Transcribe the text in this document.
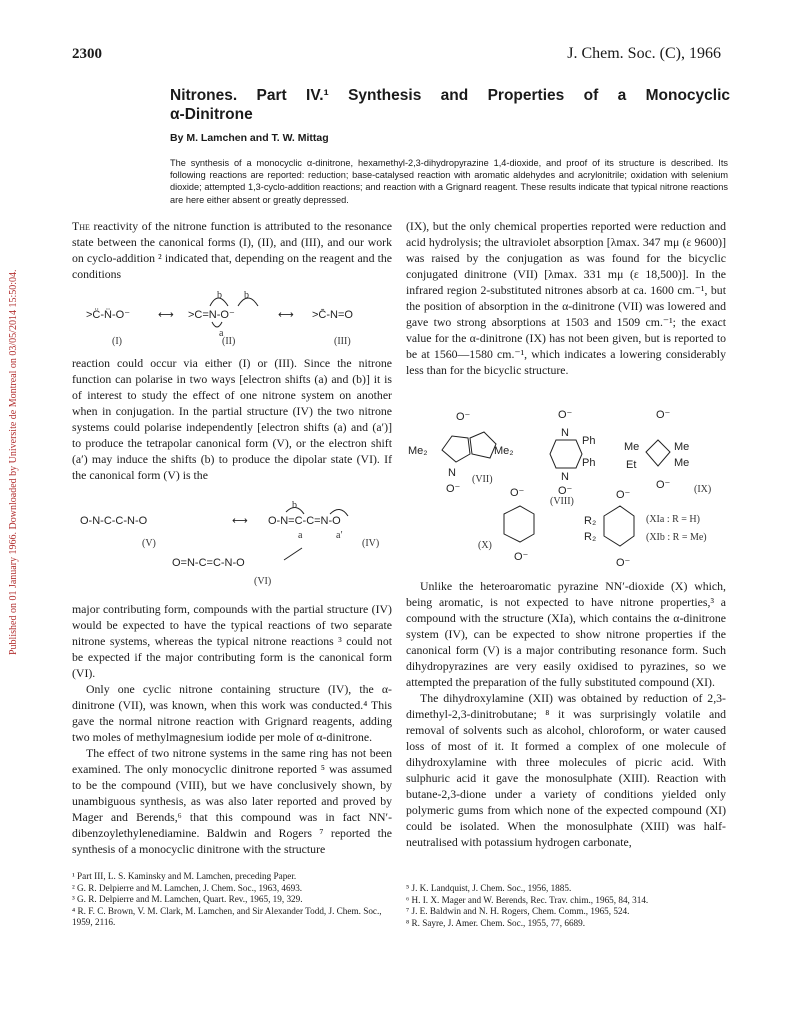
Published on 01 January 1966. Downloaded by Universite de Montreal on 03/05/2014 15:50:04.
2300	J. Chem. Soc. (C), 1966
Nitrones. Part IV.¹ Synthesis and Properties of a Monocyclic
α-Dinitrone
By M. Lamchen and T. W. Mittag
The synthesis of a monocyclic α-dinitrone, hexamethyl-2,3-dihydropyrazine 1,4-dioxide, and proof of its structure is described. Its following reactions are reported: reduction; base-catalysed reaction with aromatic aldehydes and acrylonitrile; oxidation with selenium dioxide; attempted 1,3-cyclo-addition reactions; and reaction with a Grignard reagent. These results indicate that typical nitrone reactions are here either absent or greatly depressed.

The reactivity of the nitrone function is attributed to the resonance state between the canonical forms (I), (II), and (III), and our work on cyclo-addition ² indicated that, depending on the reagent and the conditions

>C̈-N̈-O⁻	⟷ >C=N-O⁻
b b
a
⟷ >C̄-N=O
(I)	(II)	(III)

reaction could occur via either (I) or (III). Since the nitrone function can polarise in two ways [electron shifts (a) and (b)] it is of interest to study the effect of one nitrone system on another when in conjugation. In the partial structure (IV) the two nitrone systems could polarise independently [electron shifts (a) and (a′)] to produce the tetrapolar canonical form (V), or the electron shift (a′) may induce the shifts (b) to produce the dipolar state (VI). If the canonical form (V) is the

O-N-C-C-N-O	⟷ O-N=C-C=N-O
b
a	a′
(V)	(IV)
O=N-C=C-N-O
(VI)

major contributing form, compounds with the partial structure (IV) would be expected to have the typical reactions of two separate nitrone systems, whereas the typical nitrone reactions ³ could not be expected if the major contributing form is the canonical form (VI).

Only one cyclic nitrone containing structure (IV), the α-dinitrone (VII), was known, when this work was conducted.⁴ This gave the normal nitrone reaction with Grignard reagents, adding two moles of methylmagnesium iodide per mole of α-dinitrone.

The effect of two nitrone systems in the same ring has not been examined. The only monocyclic dinitrone reported ⁵ was assumed to be the compound (VIII), but we have conclusively shown, by unambiguous synthesis, as was also later reported and proved by Mager and Berends,⁶ that this compound was in fact NN′-dibenzoylethylenediamine. Baldwin and Rogers ⁷ reported the synthesis of a monocyclic dinitrone with the structure

(IX), but the only chemical properties reported were reduction and acid hydrolysis; the ultraviolet absorption [λmax. 347 mμ (ε 9600)] was raised by the conjugation as was found for the bicyclic conjugated dinitrone (VII) [λmax. 331 mμ (ε 18,500)]. In the infrared region 2-substituted nitrones absorb at ca. 1600 cm.⁻¹, but the position of absorption in the α-dinitrone (VII) was lowered and gave two strong absorptions at 1503 and 1509 cm.⁻¹; the exact value for the α-dinitrone (IX) has not been given, but is reported to be at 1560—1580 cm.⁻¹, which indicates a lowering considerably less than for the bicyclic structure.

O⁻
Me₂	Me₂
N
O⁻
(VII)
O⁻
N
Ph
Ph
N
O⁻
(VIII)
O⁻
Me
Et
Me
Me
O⁻ (IX)
O⁻
O⁻
(X)
O⁻
R₂
R₂
O⁻
(XIa : R = H)
(XIb : R = Me)

Unlike the heteroaromatic pyrazine NN′-dioxide (X) which, being aromatic, is not expected to have nitrone properties,³ a compound with the structure (XIa), which contains the α-dinitrone system (IV), can be expected to show nitrone properties if the canonical form (V) is a major contributing resonance form. Such dihydropyrazines are very easily oxidised to pyrazines, so we attempted the preparation of the fully substituted compound (XI).

The dihydroxylamine (XII) was obtained by reduction of 2,3-dimethyl-2,3-dinitrobutane; ⁸ it was surprisingly volatile and removal of solvents such as alcohol, chloroform, or water caused loss of most of it. It formed a complex of one molecule of dihydroxylamine with three molecules of picric acid. With sulphuric acid it gave the monosulphate (XIII). Reaction with butane-2,3-dione under a variety of conditions yielded only polymeric gums from which none of the expected compound (XI) could be isolated. When the monosulphate (XIII) was half-neutralised with potassium hydrogen carbonate,

¹ Part III, L. S. Kaminsky and M. Lamchen, preceding Paper.
² G. R. Delpierre and M. Lamchen, J. Chem. Soc., 1963, 4693.
³ G. R. Delpierre and M. Lamchen, Quart. Rev., 1965, 19, 329.
⁴ R. F. C. Brown, V. M. Clark, M. Lamchen, and Sir Alexander Todd, J. Chem. Soc., 1959, 2116.
⁵ J. K. Landquist, J. Chem. Soc., 1956, 1885.
⁶ H. I. X. Mager and W. Berends, Rec. Trav. chim., 1965, 84, 314.
⁷ J. E. Baldwin and N. H. Rogers, Chem. Comm., 1965, 524.
⁸ R. Sayre, J. Amer. Chem. Soc., 1955, 77, 6689.
